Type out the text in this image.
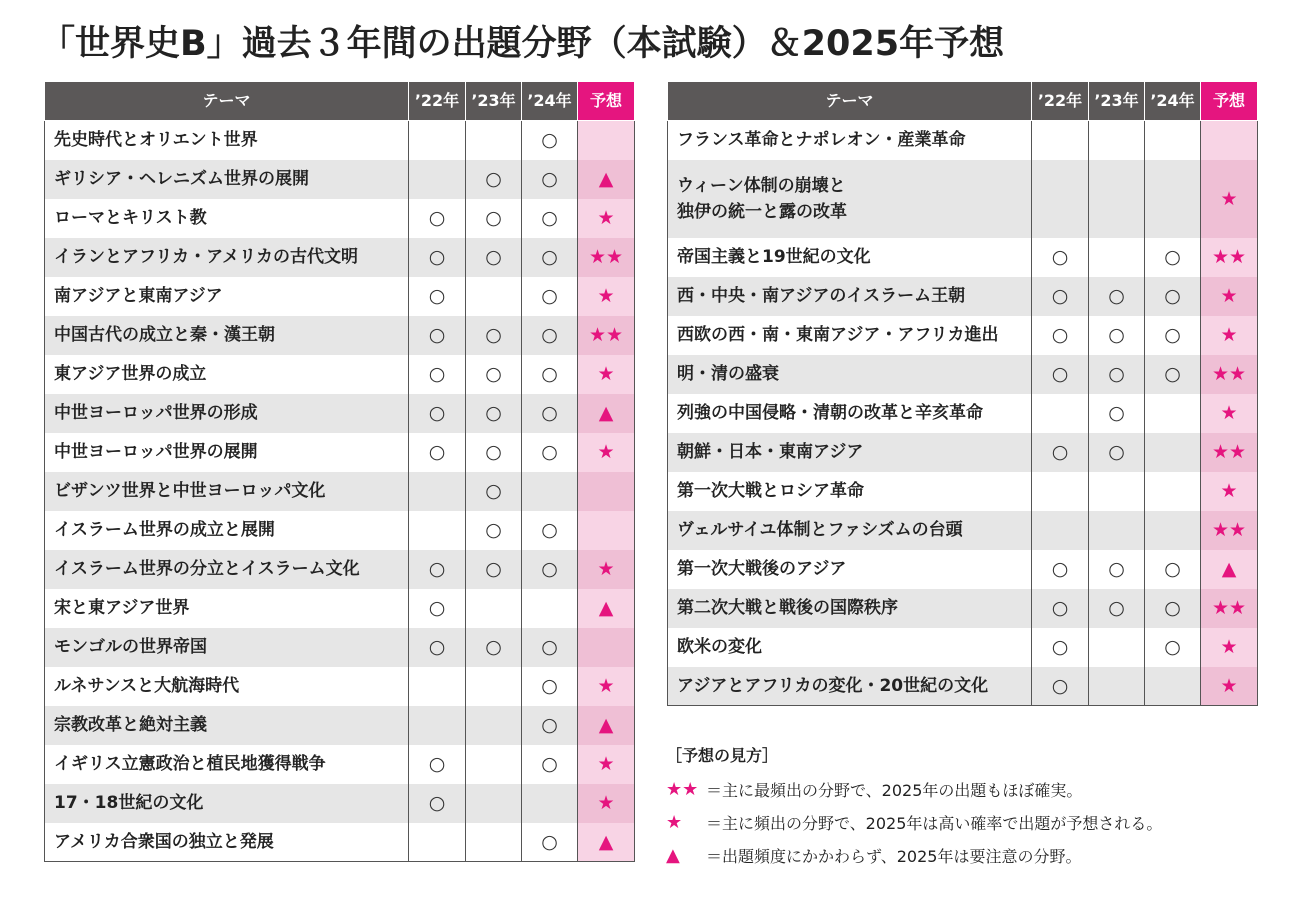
「世界史B」過去３年間の出題分野（本試験）＆2025年予想
テーマ	’22年	’23年	’24年	予想
先史時代とオリエント世界			○	
ギリシア・ヘレニズム世界の展開		○	○	▲
ローマとキリスト教	○	○	○	★
イランとアフリカ・アメリカの古代文明	○	○	○	★★
南アジアと東南アジア	○		○	★
中国古代の成立と秦・漢王朝	○	○	○	★★
東アジア世界の成立	○	○	○	★
中世ヨーロッパ世界の形成	○	○	○	▲
中世ヨーロッパ世界の展開	○	○	○	★
ビザンツ世界と中世ヨーロッパ文化		○		
イスラーム世界の成立と展開		○	○	
イスラーム世界の分立とイスラーム文化	○	○	○	★
宋と東アジア世界	○			▲
モンゴルの世界帝国	○	○	○	
ルネサンスと大航海時代			○	★
宗教改革と絶対主義			○	▲
イギリス立憲政治と植民地獲得戦争	○		○	★
17・18世紀の文化	○			★
アメリカ合衆国の独立と発展			○	▲
テーマ	’22年	’23年	’24年	予想
フランス革命とナポレオン・産業革命				
ウィーン体制の崩壊と
独伊の統一と露の改革				★
帝国主義と19世紀の文化	○		○	★★
西・中央・南アジアのイスラーム王朝	○	○	○	★
西欧の西・南・東南アジア・アフリカ進出	○	○	○	★
明・清の盛衰	○	○	○	★★
列強の中国侵略・清朝の改革と辛亥革命		○		★
朝鮮・日本・東南アジア	○	○		★★
第一次大戦とロシア革命				★
ヴェルサイユ体制とファシズムの台頭				★★
第一次大戦後のアジア	○	○	○	▲
第二次大戦と戦後の国際秩序	○	○	○	★★
欧米の変化	○		○	★
アジアとアフリカの変化・20世紀の文化	○			★
［予想の見方］
★★ ＝主に最頻出の分野で、2025年の出題もほぼ確実。
★	＝主に頻出の分野で、2025年は高い確率で出題が予想される。
▲	＝出題頻度にかかわらず、2025年は要注意の分野。
